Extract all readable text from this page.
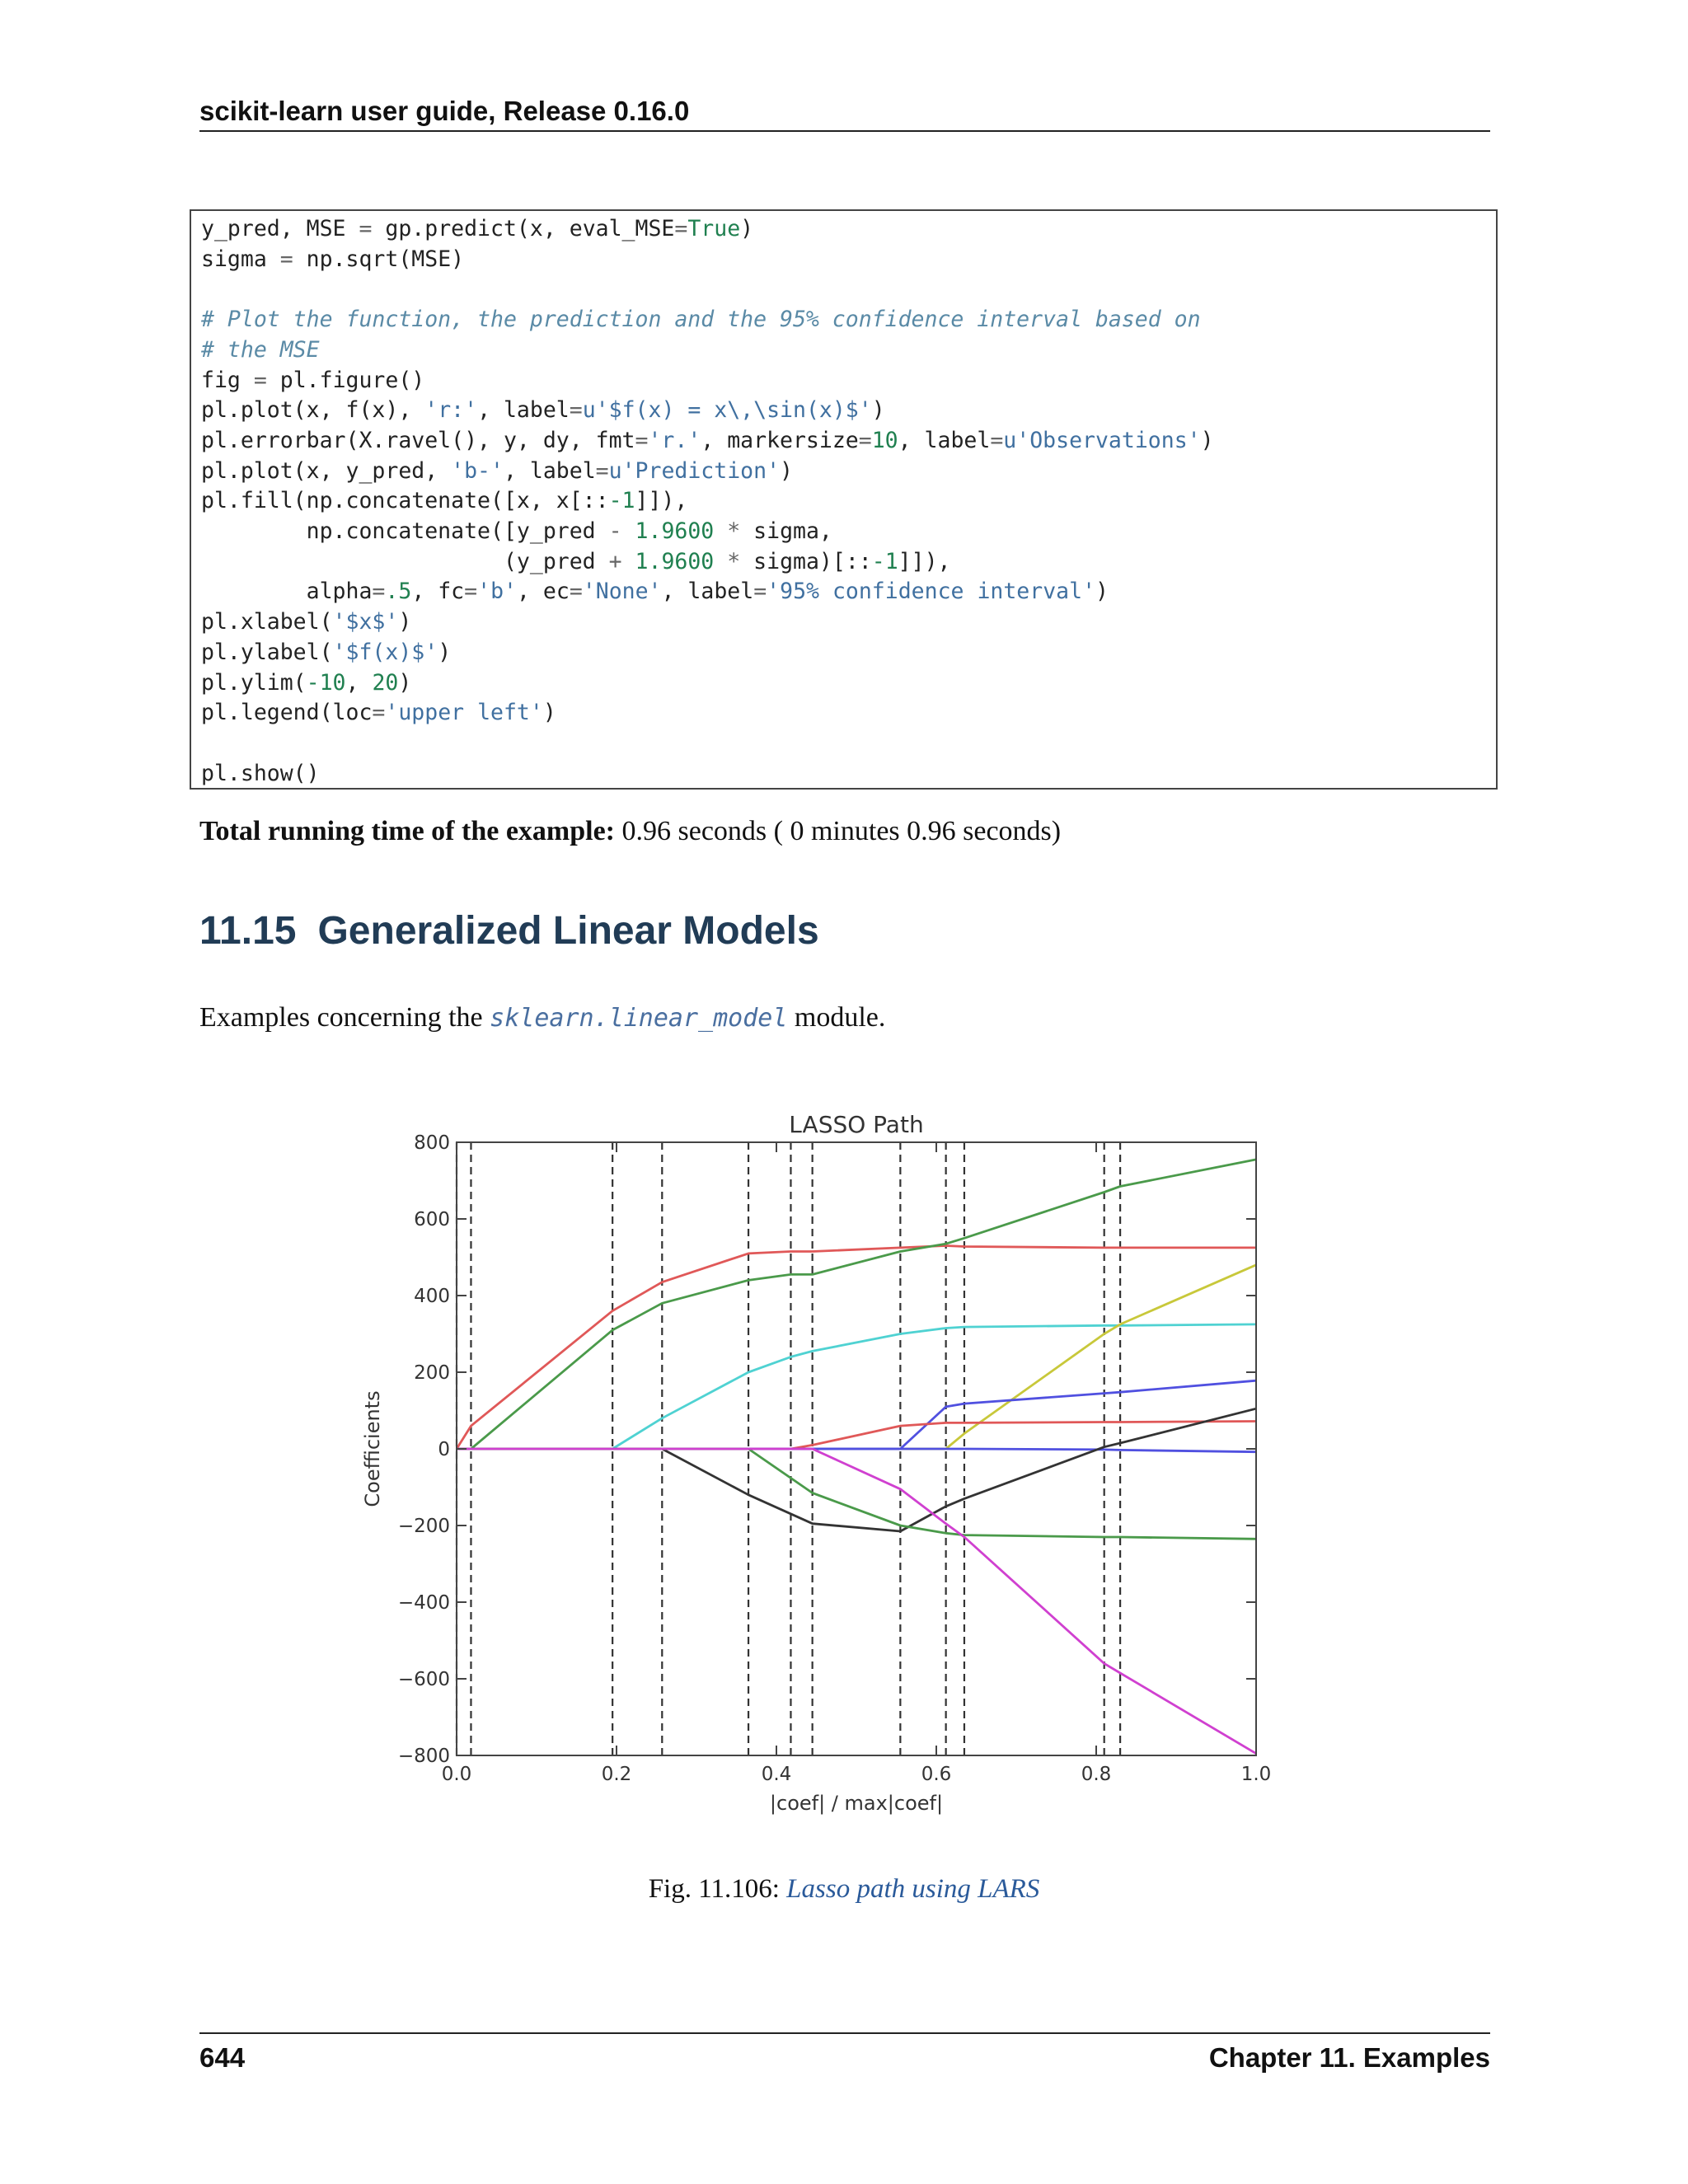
scikit-learn user guide, Release 0.16.0
y_pred, MSE = gp.predict(x, eval_MSE=True)
sigma = np.sqrt(MSE)

# Plot the function, the prediction and the 95% confidence interval based on
# the MSE
fig = pl.figure()
pl.plot(x, f(x), 'r:', label=u'$f(x) = x\,\sin(x)$')
pl.errorbar(X.ravel(), y, dy, fmt='r.', markersize=10, label=u'Observations')
pl.plot(x, y_pred, 'b-', label=u'Prediction')
pl.fill(np.concatenate([x, x[::-1]]),
np.concatenate([y_pred - 1.9600 * sigma,
(y_pred + 1.9600 * sigma)[::-1]]),
alpha=.5, fc='b', ec='None', label='95% confidence interval')
pl.xlabel('$x$')
pl.ylabel('$f(x)$')
pl.ylim(-10, 20)
pl.legend(loc='upper left')

pl.show()
Total running time of the example: 0.96 seconds ( 0 minutes 0.96 seconds)
11.15 Generalized Linear Models
Examples concerning the sklearn.linear_model module.
800
600
400
200
0
−200
−400
−600
−800
0.0	0.2	0.4	0.6	0.8	1.0
LASSO Path
|coef| / max|coef|
Coefficients
Fig. 11.106: Lasso path using LARS
644	Chapter 11. Examples
